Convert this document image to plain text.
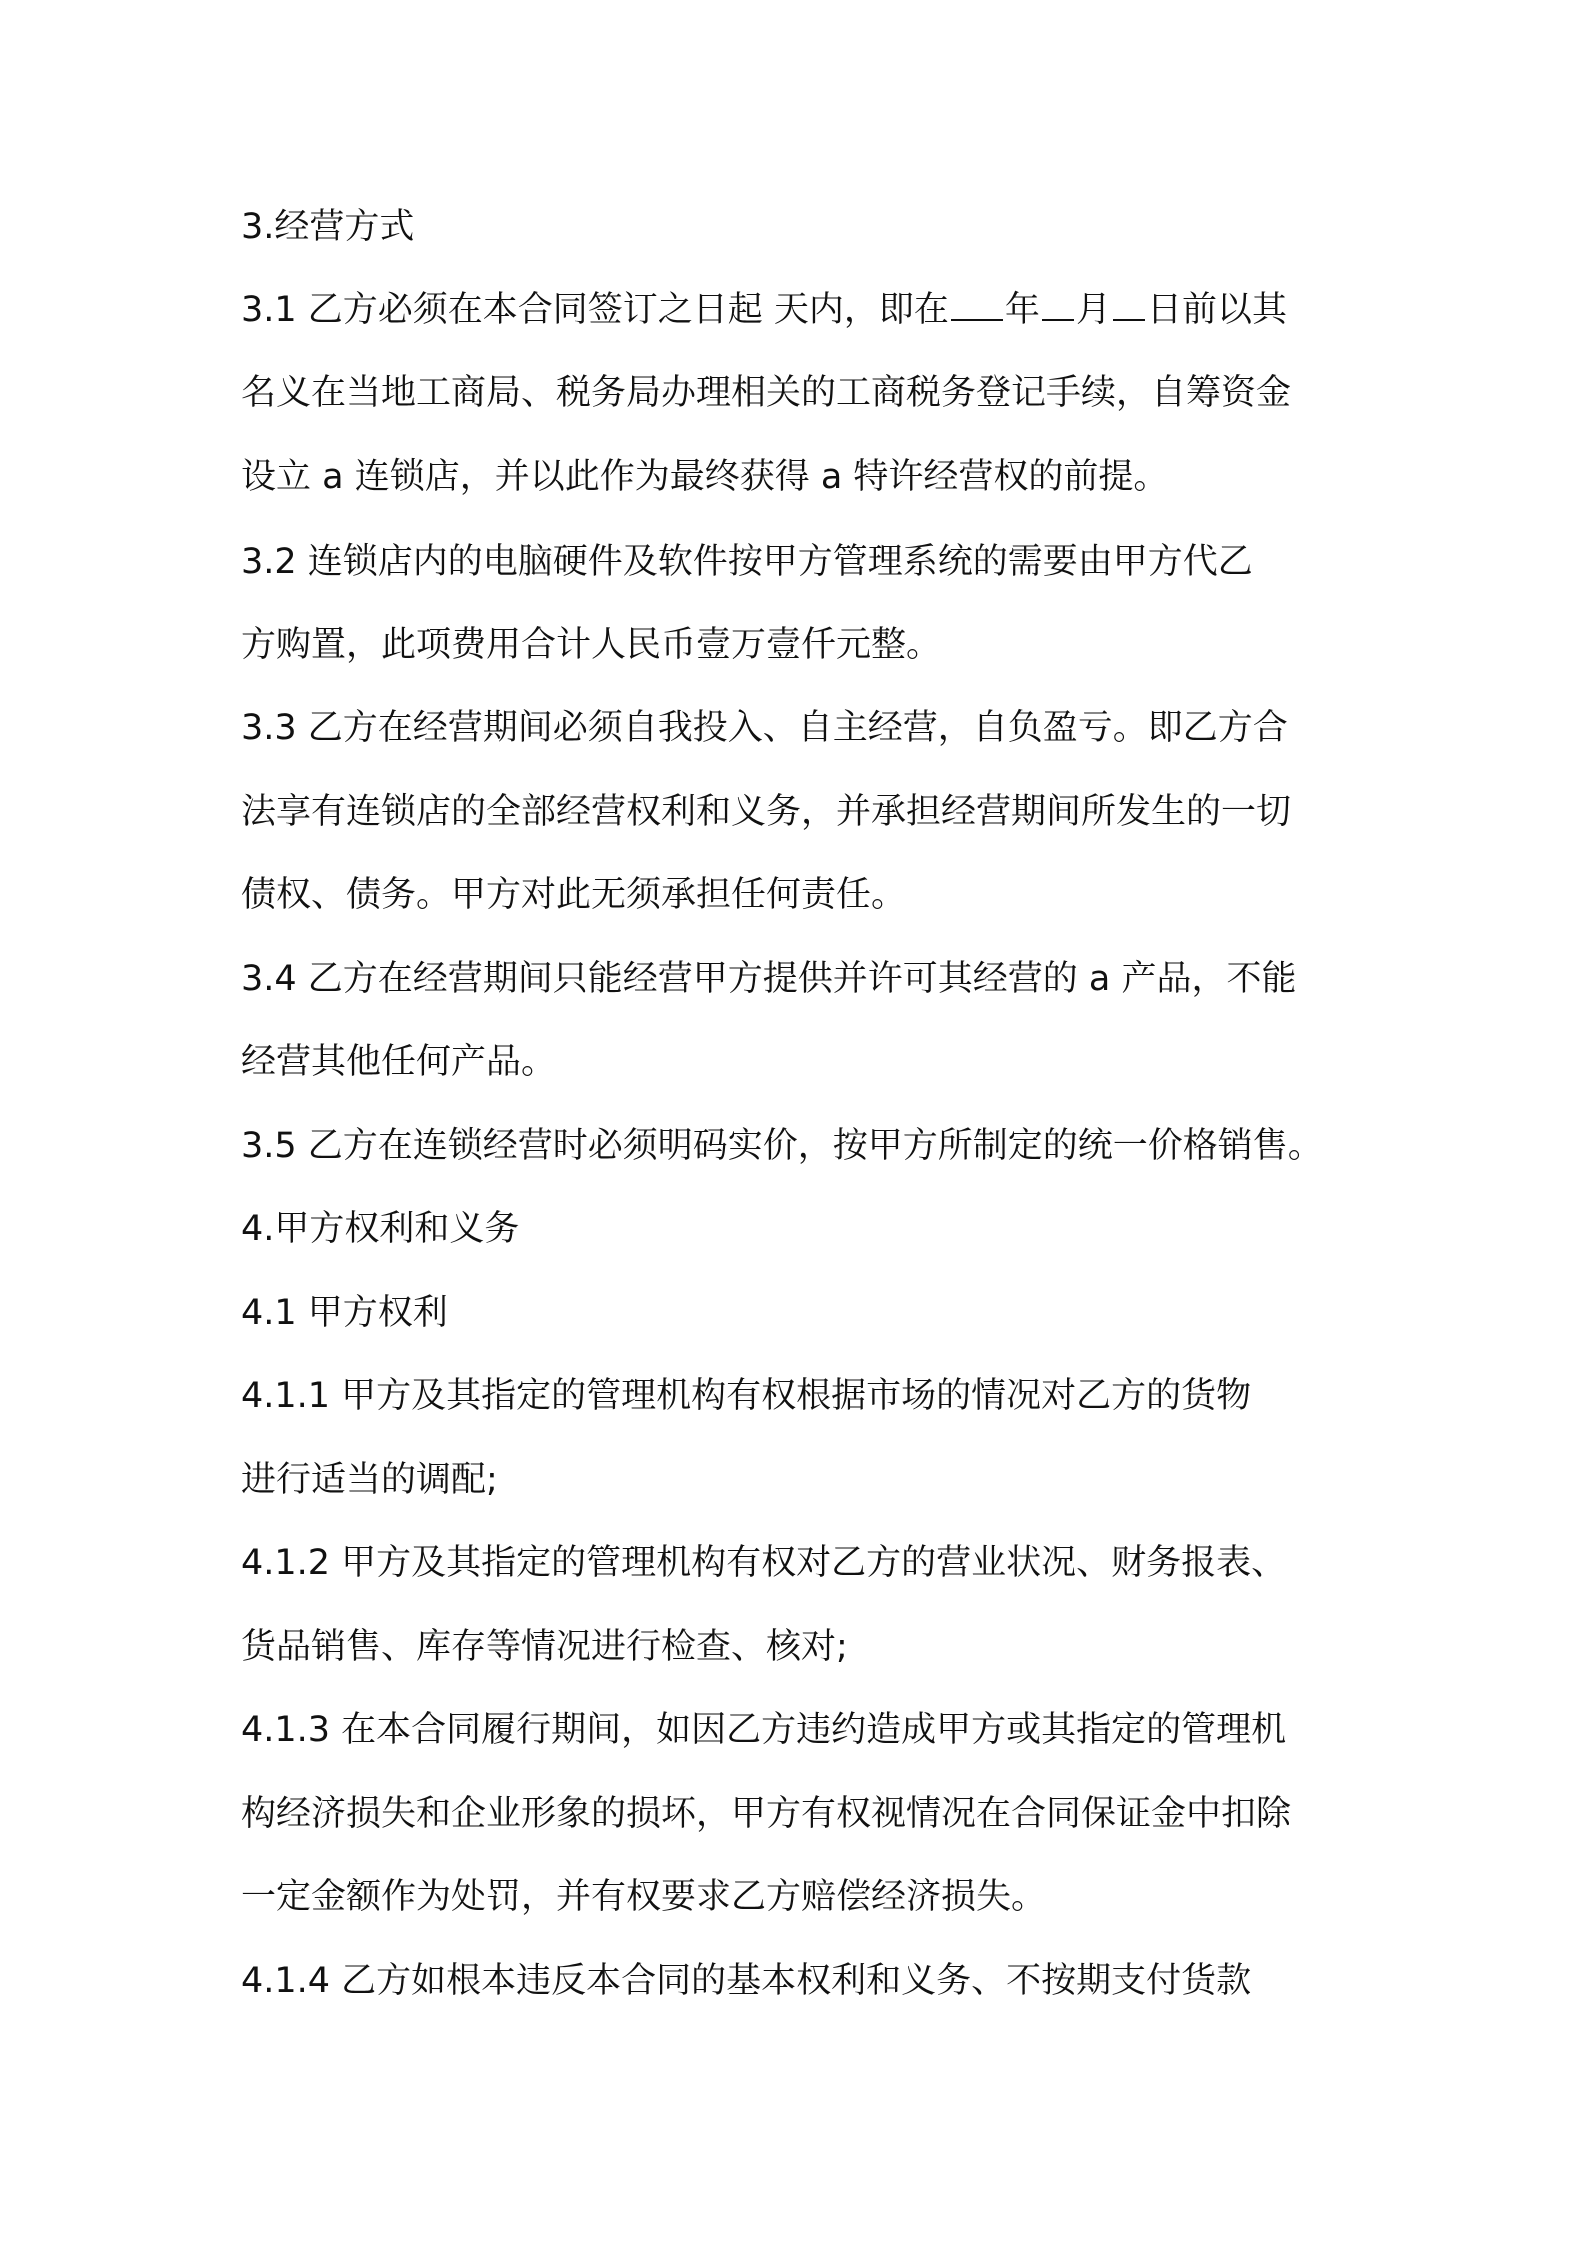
3.经营方式
3.1 乙方必须在本合同签订之日起 天内，即在 年 月 日前以其
名义在当地工商局、税务局办理相关的工商税务登记手续，自筹资金
设立 a 连锁店，并以此作为最终获得 a 特许经营权的前提。
3.2 连锁店内的电脑硬件及软件按甲方管理系统的需要由甲方代乙
方购置，此项费用合计人民币壹万壹仟元整。
3.3 乙方在经营期间必须自我投入、自主经营，自负盈亏。即乙方合
法享有连锁店的全部经营权利和义务，并承担经营期间所发生的一切
债权、债务。甲方对此无须承担任何责任。
3.4 乙方在经营期间只能经营甲方提供并许可其经营的 a 产品，不能
经营其他任何产品。
3.5 乙方在连锁经营时必须明码实价，按甲方所制定的统一价格销售。
4.甲方权利和义务
4.1 甲方权利
4.1.1 甲方及其指定的管理机构有权根据市场的情况对乙方的货物
进行适当的调配;
4.1.2 甲方及其指定的管理机构有权对乙方的营业状况、财务报表、
货品销售、库存等情况进行检查、核对;
4.1.3 在本合同履行期间，如因乙方违约造成甲方或其指定的管理机
构经济损失和企业形象的损坏，甲方有权视情况在合同保证金中扣除
一定金额作为处罚，并有权要求乙方赔偿经济损失。
4.1.4 乙方如根本违反本合同的基本权利和义务、不按期支付货款
